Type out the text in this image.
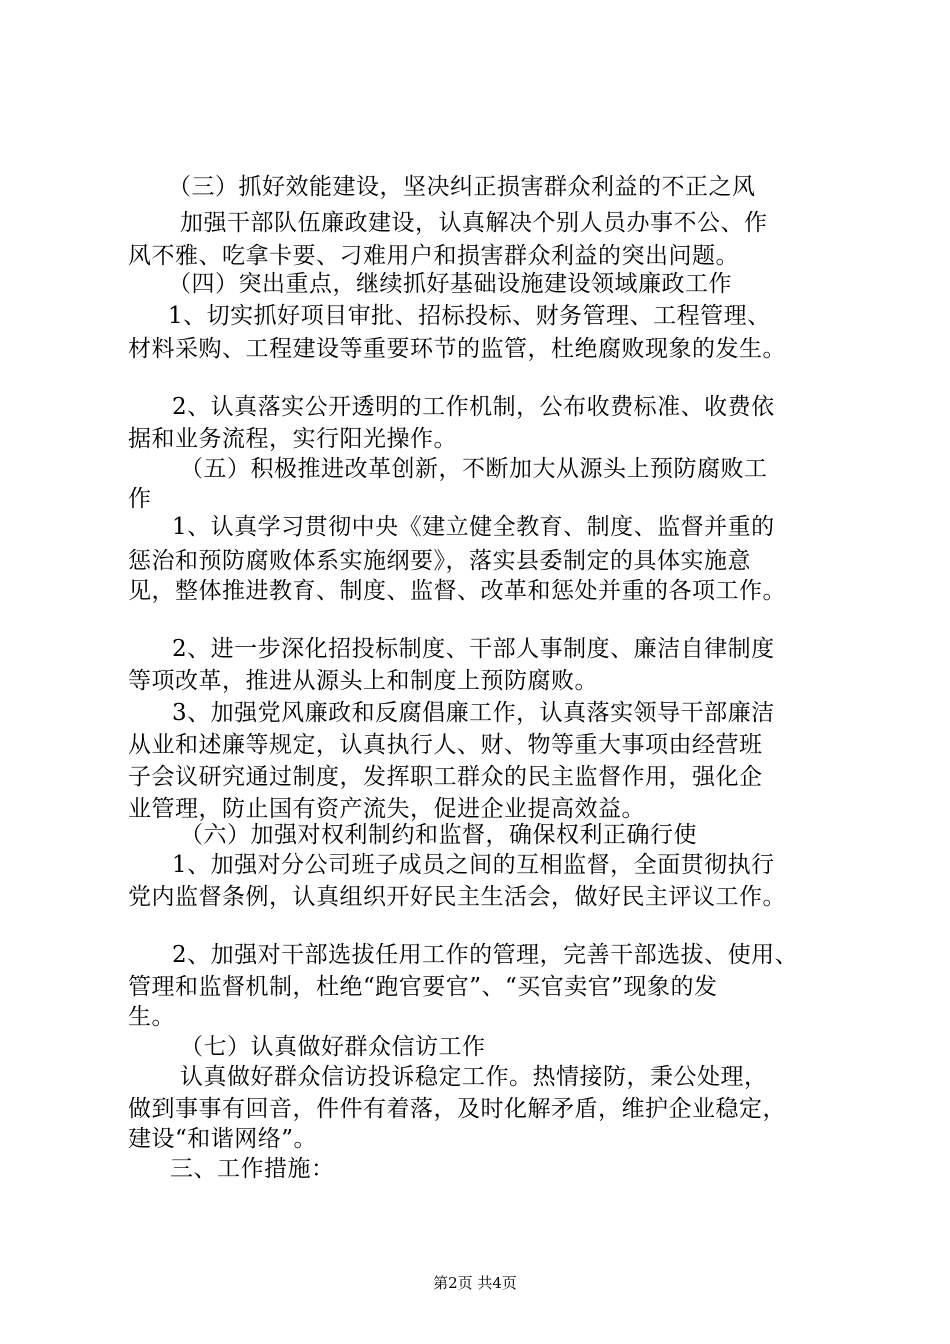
（三）抓好效能建设，坚决纠正损害群众利益的不正之风
加强干部队伍廉政建设，认真解决个别人员办事不公、作
风不雅、吃拿卡要、刁难用户和损害群众利益的突出问题。
（四）突出重点，继续抓好基础设施建设领域廉政工作
1、切实抓好项目审批、招标投标、财务管理、工程管理、
材料采购、工程建设等重要环节的监管，杜绝腐败现象的发生。
2、认真落实公开透明的工作机制，公布收费标准、收费依
据和业务流程，实行阳光操作。
（五）积极推进改革创新，不断加大从源头上预防腐败工
作
1、认真学习贯彻中央《建立健全教育、制度、监督并重的
惩治和预防腐败体系实施纲要》，落实县委制定的具体实施意
见，整体推进教育、制度、监督、改革和惩处并重的各项工作。
2、进一步深化招投标制度、干部人事制度、廉洁自律制度
等项改革，推进从源头上和制度上预防腐败。
3、加强党风廉政和反腐倡廉工作，认真落实领导干部廉洁
从业和述廉等规定，认真执行人、财、物等重大事项由经营班
子会议研究通过制度，发挥职工群众的民主监督作用，强化企
业管理，防止国有资产流失，促进企业提高效益。
（六）加强对权利制约和监督，确保权利正确行使
1、加强对分公司班子成员之间的互相监督，全面贯彻执行
党内监督条例，认真组织开好民主生活会，做好民主评议工作。
2、加强对干部选拔任用工作的管理，完善干部选拔、使用、
管理和监督机制，杜绝“跑官要官”、“买官卖官”现象的发
生。
（七）认真做好群众信访工作
认真做好群众信访投诉稳定工作。热情接防，秉公处理，
做到事事有回音，件件有着落，及时化解矛盾，维护企业稳定，
建设“和谐网络”。
三、工作措施：
第2页 共4页
